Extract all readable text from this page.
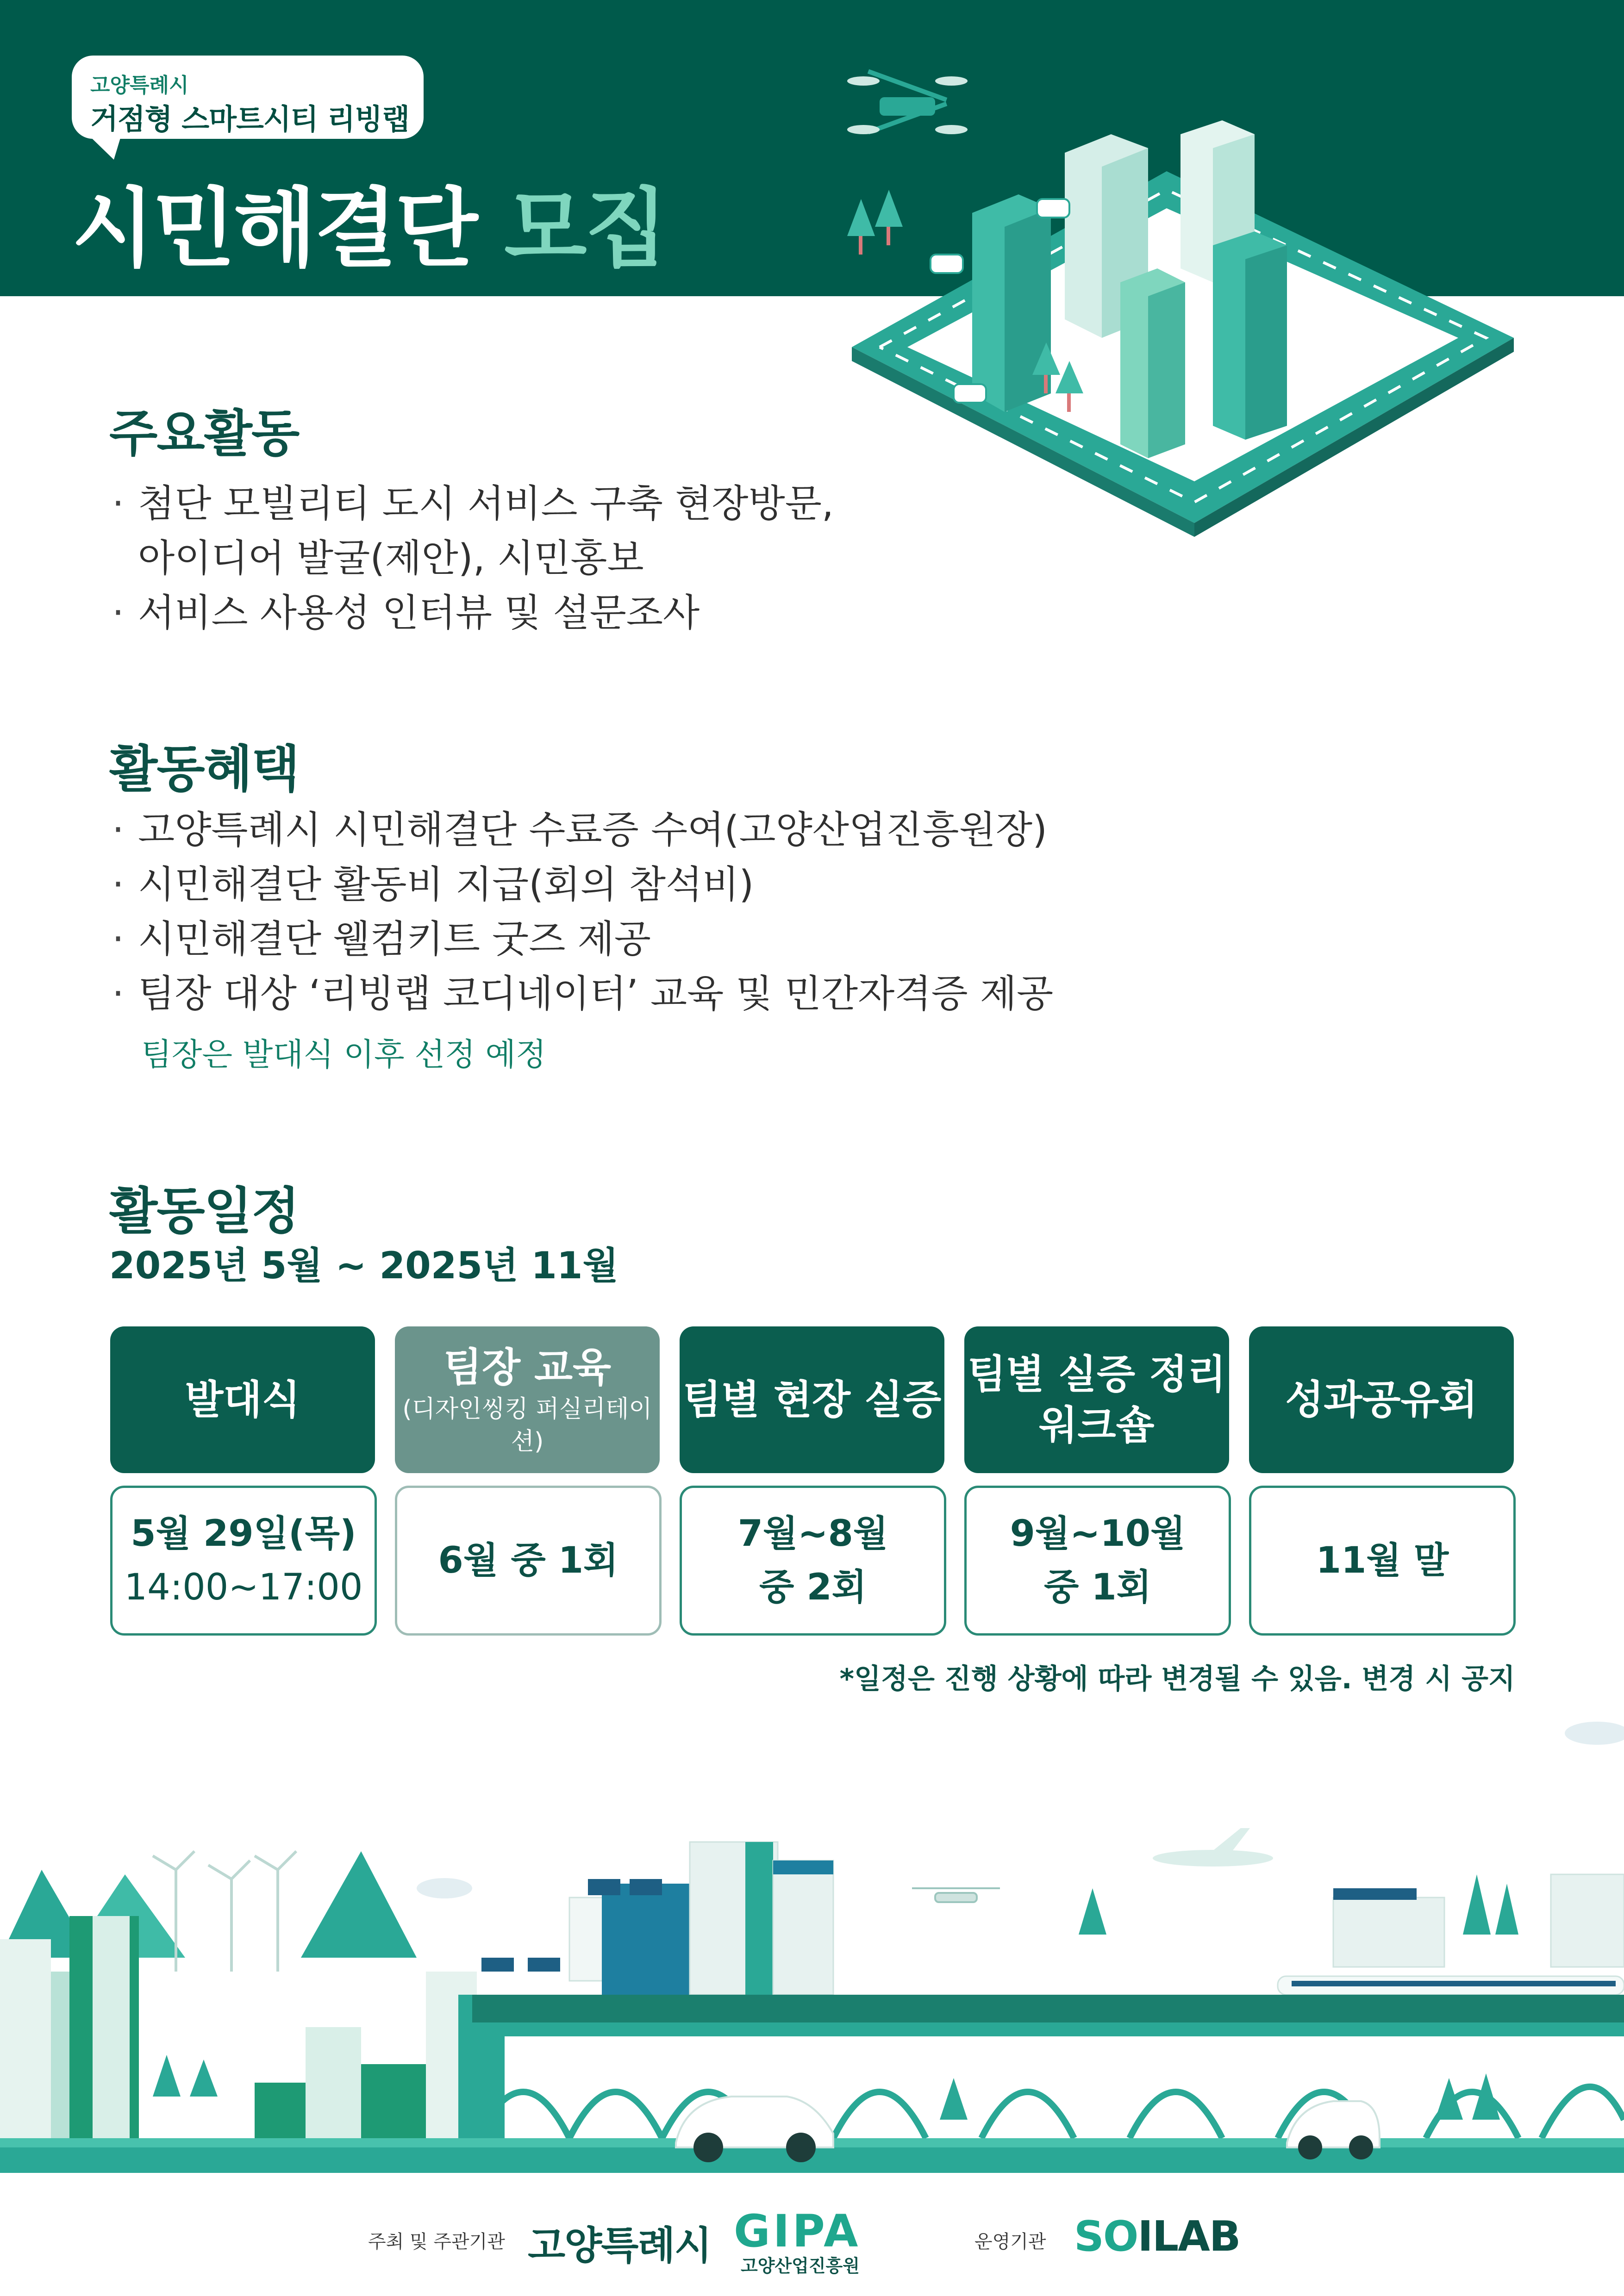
고양특례시
거점형 스마트시티 리빙랩
시민해결단 모집
주요활동
· 첨단 모빌리티 도시 서비스 구축 현장방문,
아이디어 발굴(제안), 시민홍보
· 서비스 사용성 인터뷰 및 설문조사
활동혜택
· 고양특례시 시민해결단 수료증 수여(고양산업진흥원장)
· 시민해결단 활동비 지급(회의 참석비)
· 시민해결단 웰컴키트 굿즈 제공
· 팀장 대상 ‘리빙랩 코디네이터’ 교육 및 민간자격증 제공
팀장은 발대식 이후 선정 예정
활동일정
2025년 5월 ~ 2025년 11월
발대식
팀장 교육
(디자인씽킹 퍼실리테이션)
팀별 현장 실증
팀별 실증 정리
워크숍
성과공유회
5월 29일(목)
14:00~17:00
6월 중 1회
7월~8월
중 2회
9월~10월
중 1회
11월 말
*일정은 진행 상황에 따라 변경될 수 있음. 변경 시 공지
주최 및 주관기관 고양특례시 GIPA
고양산업진흥원
운영기관 SOILAB
